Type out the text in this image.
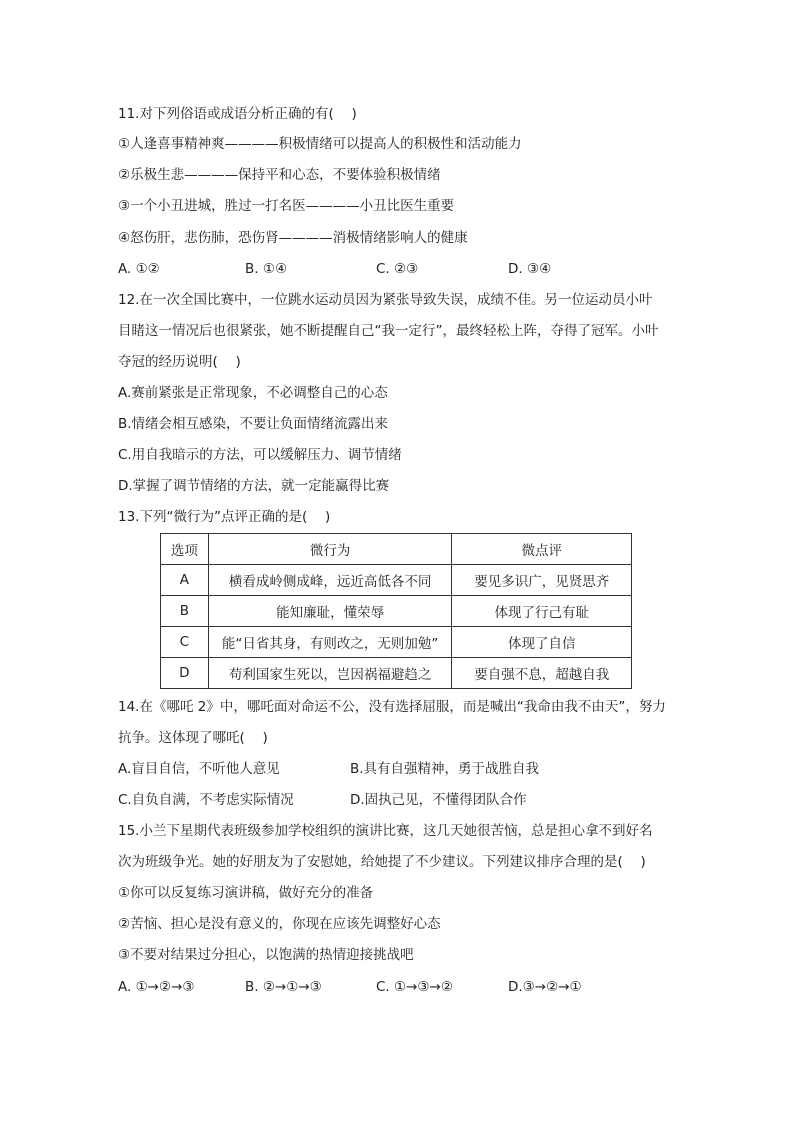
11.对下列俗语或成语分析正确的有(　 )
①人逢喜事精神爽————积极情绪可以提高人的积极性和活动能力
②乐极生悲————保持平和心态，不要体验积极情绪
③一个小丑进城，胜过一打名医————小丑比医生重要
④怒伤肝，悲伤肺，恐伤肾————消极情绪影响人的健康
A. ①②	B. ①④	C. ②③	D. ③④
12.在一次全国比赛中，一位跳水运动员因为紧张导致失误，成绩不佳。另一位运动员小叶
目睹这一情况后也很紧张，她不断提醒自己“我一定行”，最终轻松上阵，夺得了冠军。小叶
夺冠的经历说明(　 )
A.赛前紧张是正常现象，不必调整自己的心态
B.情绪会相互感染，不要让负面情绪流露出来
C.用自我暗示的方法，可以缓解压力、调节情绪
D.掌握了调节情绪的方法，就一定能赢得比赛
13.下列“微行为”点评正确的是(　 )
选项	微行为	微点评
A	横看成岭侧成峰，远近高低各不同	要见多识广，见贤思齐
B	能知廉耻，懂荣辱	体现了行己有耻
C	能“日省其身，有则改之，无则加勉”	体现了自信
D	苟利国家生死以，岂因祸福避趋之	要自强不息，超越自我
14.在《哪吒 2》中，哪吒面对命运不公，没有选择屈服，而是喊出“我命由我不由天”，努力
抗争。这体现了哪吒(　 )
A.盲目自信，不听他人意见	B.具有自强精神，勇于战胜自我
C.自负自满，不考虑实际情况	D.固执己见，不懂得团队合作
15.小兰下星期代表班级参加学校组织的演讲比赛，这几天她很苦恼，总是担心拿不到好名
次为班级争光。她的好朋友为了安慰她，给她提了不少建议。下列建议排序合理的是(　 )
①你可以反复练习演讲稿，做好充分的准备
②苦恼、担心是没有意义的，你现在应该先调整好心态
③不要对结果过分担心，以饱满的热情迎接挑战吧
A. ①→②→③	B. ②→①→③	C. ①→③→②	D.③→②→①
